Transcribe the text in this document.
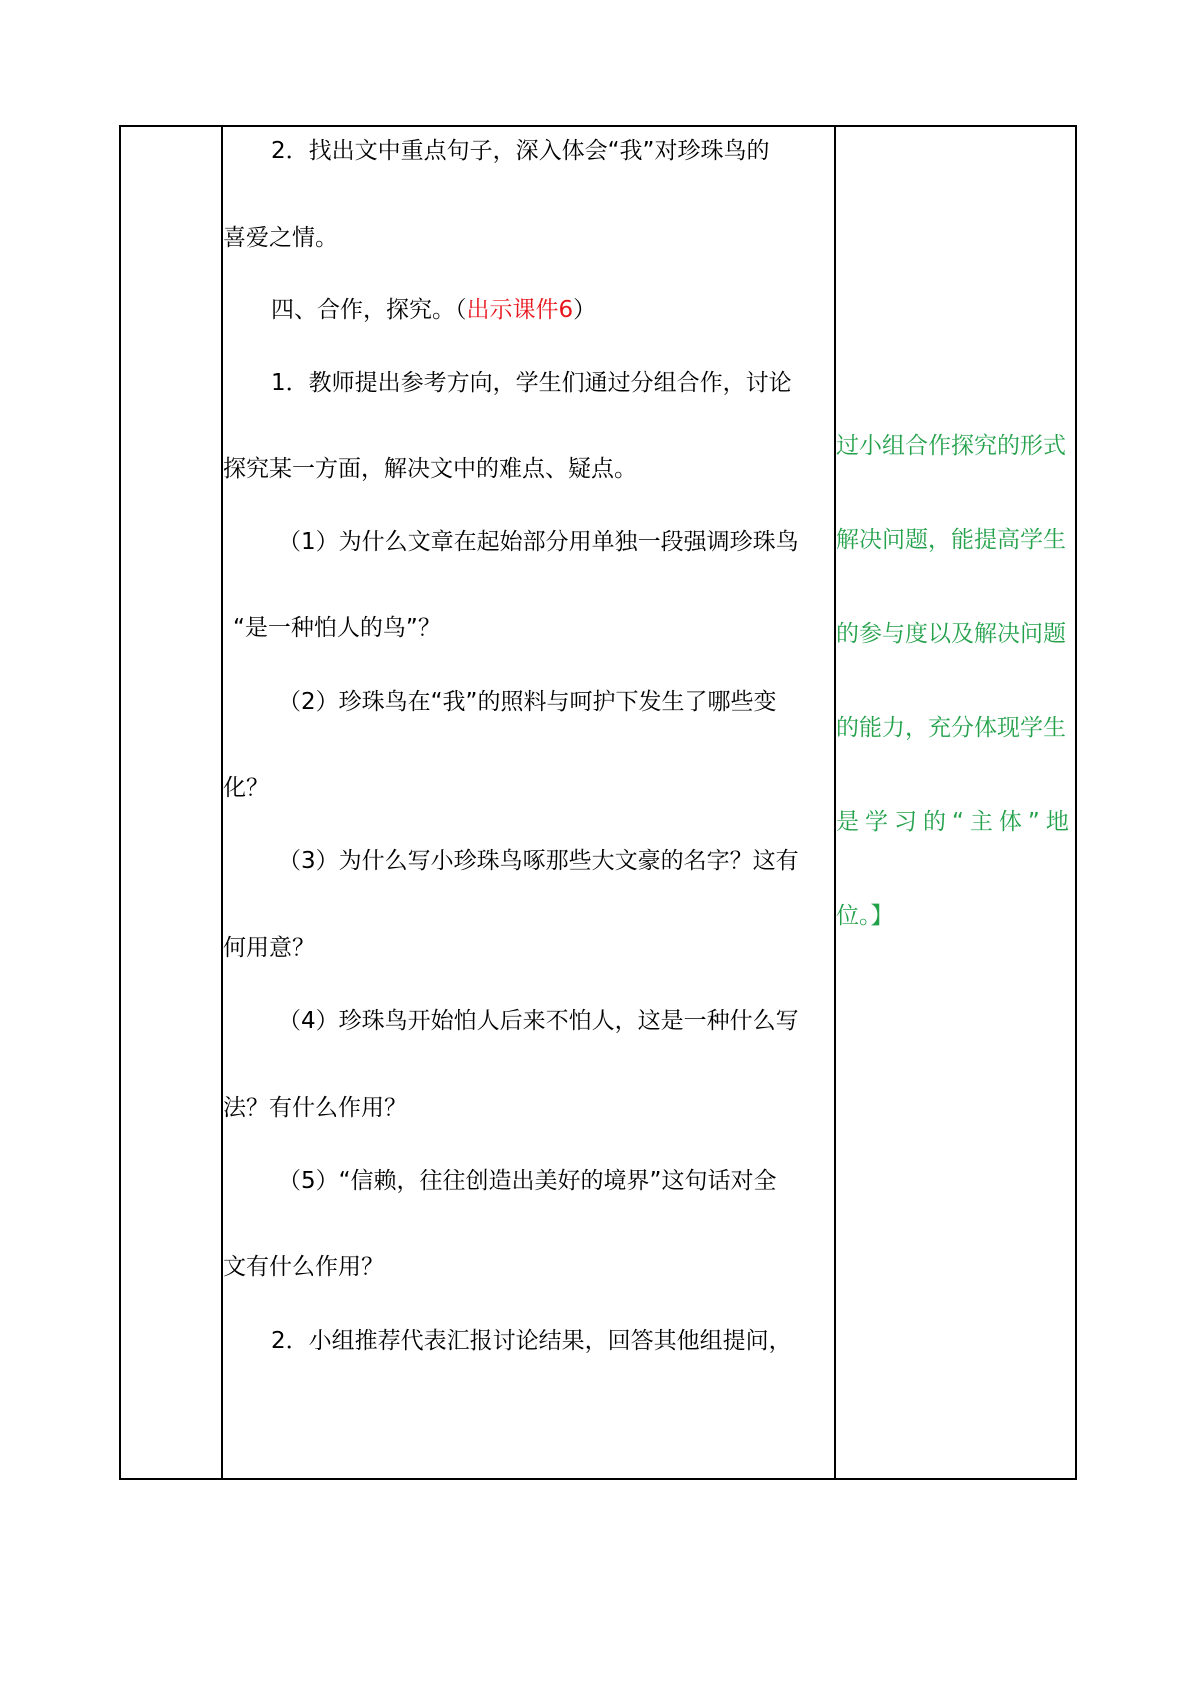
2．找出文中重点句子，深入体会“我”对珍珠鸟的
喜爱之情。
四、合作，探究。（出示课件6）
1．教师提出参考方向，学生们通过分组合作，讨论
探究某一方面，解决文中的难点、疑点。
（1）为什么文章在起始部分用单独一段强调珍珠鸟
“是一种怕人的鸟”？
（2）珍珠鸟在“我”的照料与呵护下发生了哪些变
化？
（3）为什么写小珍珠鸟啄那些大文豪的名字？这有
何用意？
（4）珍珠鸟开始怕人后来不怕人，这是一种什么写
法？有什么作用？
（5）“信赖，往往创造出美好的境界”这句话对全
文有什么作用？
2．小组推荐代表汇报讨论结果，回答其他组提问，
过小组合作探究的形式
解决问题，能提高学生
的参与度以及解决问题
的能力，充分体现学生
是学习的“主体”地
位。】
